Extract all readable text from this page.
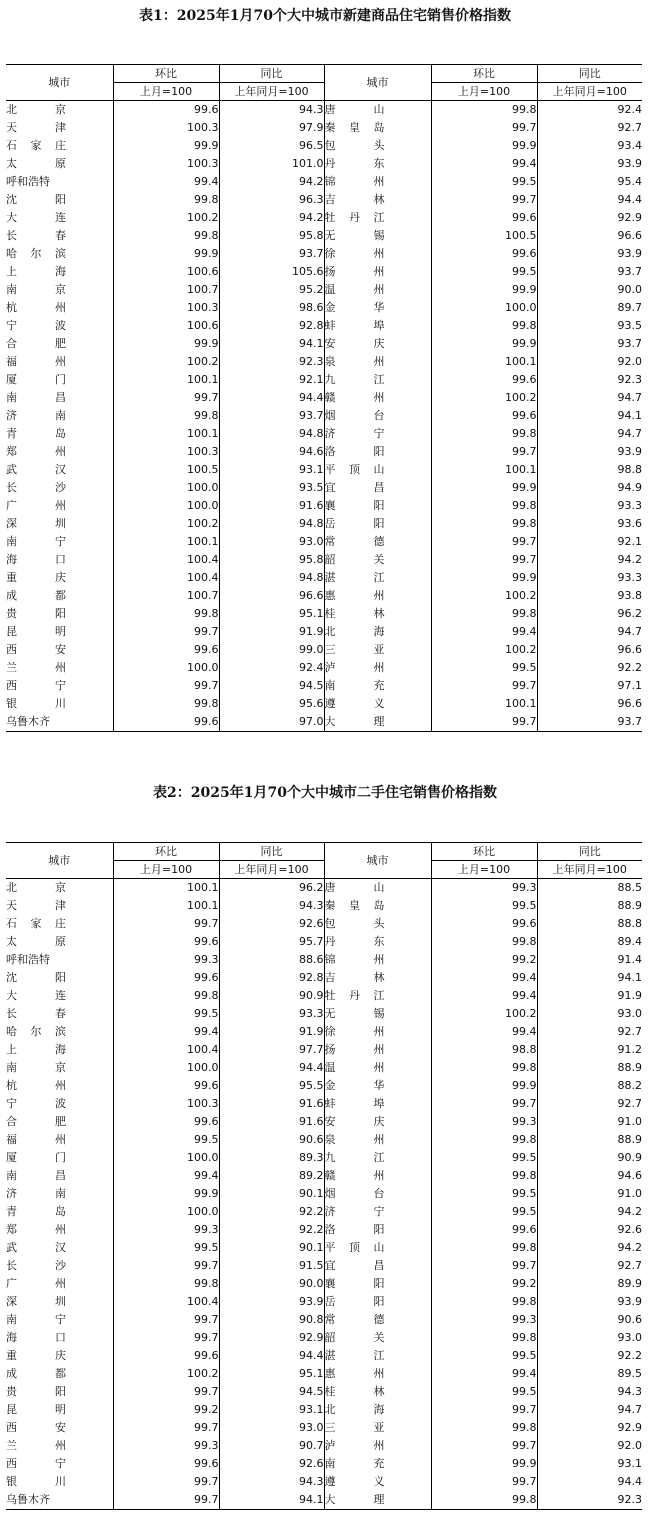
表1：2025年1月70个大中城市新建商品住宅销售价格指数
城市	环比	同比	城市	环比	同比
	上月=100	上年同月=100		上月=100	上年同月=100

北 京	99.6	94.3	唐 山	99.8	92.4

天 津	100.3	97.9	秦 皇 岛	99.7	92.7

石 家 庄	99.9	96.5	包 头	99.9	93.4

太 原	100.3	101.0	丹 东	99.4	93.9

呼和浩特	99.4	94.2	锦 州	99.5	95.4

沈 阳	99.8	96.3	吉 林	99.7	94.4

大 连	100.2	94.2	牡 丹 江	99.6	92.9

长 春	99.8	95.8	无 锡	100.5	96.6

哈 尔 滨	99.9	93.7	徐 州	99.6	93.9

上 海	100.6	105.6	扬 州	99.5	93.7

南 京	100.7	95.2	温 州	99.9	90.0

杭 州	100.3	98.6	金 华	100.0	89.7

宁 波	100.6	92.8	蚌 埠	99.8	93.5

合 肥	99.9	94.1	安 庆	99.9	93.7

福 州	100.2	92.3	泉 州	100.1	92.0

厦 门	100.1	92.1	九 江	99.6	92.3

南 昌	99.7	94.4	赣 州	100.2	94.7

济 南	99.8	93.7	烟 台	99.6	94.1

青 岛	100.1	94.8	济 宁	99.8	94.7

郑 州	100.3	94.6	洛 阳	99.7	93.9

武 汉	100.5	93.1	平 顶 山	100.1	98.8

长 沙	100.0	93.5	宜 昌	99.9	94.9

广 州	100.0	91.6	襄 阳	99.8	93.3

深 圳	100.2	94.8	岳 阳	99.8	93.6

南 宁	100.1	93.0	常 德	99.7	92.1

海 口	100.4	95.8	韶 关	99.7	94.2

重 庆	100.4	94.8	湛 江	99.9	93.3

成 都	100.7	96.6	惠 州	100.2	93.8

贵 阳	99.8	95.1	桂 林	99.8	96.2

昆 明	99.7	91.9	北 海	99.4	94.7

西 安	99.6	99.0	三 亚	100.2	96.6

兰 州	100.0	92.4	泸 州	99.5	92.2

西 宁	99.7	94.5	南 充	99.7	97.1

银 川	99.8	95.6	遵 义	100.1	96.6

乌鲁木齐	99.6	97.0	大 理	99.7	93.7
表2：2025年1月70个大中城市二手住宅销售价格指数
城市	环比	同比	城市	环比	同比
	上月=100	上年同月=100		上月=100	上年同月=100

北 京	100.1	96.2	唐 山	99.3	88.5

天 津	100.1	94.3	秦 皇 岛	99.5	88.9

石 家 庄	99.7	92.6	包 头	99.6	88.8

太 原	99.6	95.7	丹 东	99.8	89.4

呼和浩特	99.3	88.6	锦 州	99.2	91.4

沈 阳	99.6	92.8	吉 林	99.4	94.1

大 连	99.8	90.9	牡 丹 江	99.4	91.9

长 春	99.5	93.3	无 锡	100.2	93.0

哈 尔 滨	99.4	91.9	徐 州	99.4	92.7

上 海	100.4	97.7	扬 州	98.8	91.2

南 京	100.0	94.4	温 州	99.8	88.9

杭 州	99.6	95.5	金 华	99.9	88.2

宁 波	100.3	91.6	蚌 埠	99.7	92.7

合 肥	99.6	91.6	安 庆	99.3	91.0

福 州	99.5	90.6	泉 州	99.8	88.9

厦 门	100.0	89.3	九 江	99.5	90.9

南 昌	99.4	89.2	赣 州	99.8	94.6

济 南	99.9	90.1	烟 台	99.5	91.0

青 岛	100.0	92.2	济 宁	99.5	94.2

郑 州	99.3	92.2	洛 阳	99.6	92.6

武 汉	99.5	90.1	平 顶 山	99.8	94.2

长 沙	99.7	91.5	宜 昌	99.7	92.7

广 州	99.8	90.0	襄 阳	99.2	89.9

深 圳	100.4	93.9	岳 阳	99.8	93.9

南 宁	99.7	90.8	常 德	99.3	90.6

海 口	99.7	92.9	韶 关	99.8	93.0

重 庆	99.6	94.4	湛 江	99.5	92.2

成 都	100.2	95.1	惠 州	99.4	89.5

贵 阳	99.7	94.5	桂 林	99.5	94.3

昆 明	99.2	93.1	北 海	99.7	94.7

西 安	99.7	93.0	三 亚	99.8	92.9

兰 州	99.3	90.7	泸 州	99.7	92.0

西 宁	99.6	92.6	南 充	99.9	93.1

银 川	99.7	94.3	遵 义	99.7	94.4

乌鲁木齐	99.7	94.1	大 理	99.8	92.3
